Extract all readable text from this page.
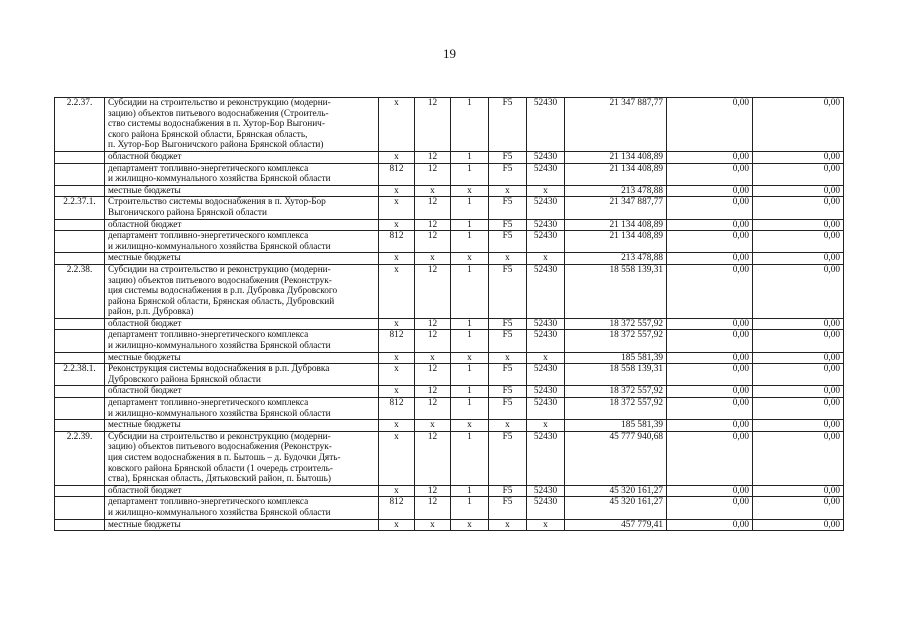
19
2.2.37.	Субсидии на строительство и реконструкцию (модерни-
зацию) объектов питьевого водоснабжения (Строитель-
ство системы водоснабжения в п. Хутор-Бор Выгонич-
ского района Брянской области, Брянская область,
п. Хутор-Бор Выгоничского района Брянской области)	х	12	1	F5	52430	21 347 887,77	0,00	0,00
	областной бюджет	х	12	1	F5	52430	21 134 408,89	0,00	0,00
	департамент топливно-энергетического комплекса
и жилищно-коммунального хозяйства Брянской области	812	12	1	F5	52430	21 134 408,89	0,00	0,00
	местные бюджеты	х	х	х	х	х	213 478,88	0,00	0,00
2.2.37.1.	Строительство системы водоснабжения в п. Хутор-Бор
Выгоничского района Брянской области	х	12	1	F5	52430	21 347 887,77	0,00	0,00
	областной бюджет	х	12	1	F5	52430	21 134 408,89	0,00	0,00
	департамент топливно-энергетического комплекса
и жилищно-коммунального хозяйства Брянской области	812	12	1	F5	52430	21 134 408,89	0,00	0,00
	местные бюджеты	х	х	х	х	х	213 478,88	0,00	0,00
2.2.38.	Субсидии на строительство и реконструкцию (модерни-
зацию) объектов питьевого водоснабжения (Реконструк-
ция системы водоснабжения в р.п. Дубровка Дубровского
района Брянской области, Брянская область, Дубровский
район, р.п. Дубровка)	х	12	1	F5	52430	18 558 139,31	0,00	0,00
	областной бюджет	х	12	1	F5	52430	18 372 557,92	0,00	0,00
	департамент топливно-энергетического комплекса
и жилищно-коммунального хозяйства Брянской области	812	12	1	F5	52430	18 372 557,92	0,00	0,00
	местные бюджеты	х	х	х	х	х	185 581,39	0,00	0,00
2.2.38.1.	Реконструкция системы водоснабжения в р.п. Дубровка
Дубровского района Брянской области	х	12	1	F5	52430	18 558 139,31	0,00	0,00
	областной бюджет	х	12	1	F5	52430	18 372 557,92	0,00	0,00
	департамент топливно-энергетического комплекса
и жилищно-коммунального хозяйства Брянской области	812	12	1	F5	52430	18 372 557,92	0,00	0,00
	местные бюджеты	х	х	х	х	х	185 581,39	0,00	0,00
2.2.39.	Субсидии на строительство и реконструкцию (модерни-
зацию) объектов питьевого водоснабжения (Реконструк-
ция систем водоснабжения в п. Бытошь – д. Будочки Дять-
ковского района Брянской области (1 очередь строитель-
ства), Брянская область, Дятьковский район, п. Бытошь)	х	12	1	F5	52430	45 777 940,68	0,00	0,00
	областной бюджет	х	12	1	F5	52430	45 320 161,27	0,00	0,00
	департамент топливно-энергетического комплекса
и жилищно-коммунального хозяйства Брянской области	812	12	1	F5	52430	45 320 161,27	0,00	0,00
	местные бюджеты	х	х	х	х	х	457 779,41	0,00	0,00
